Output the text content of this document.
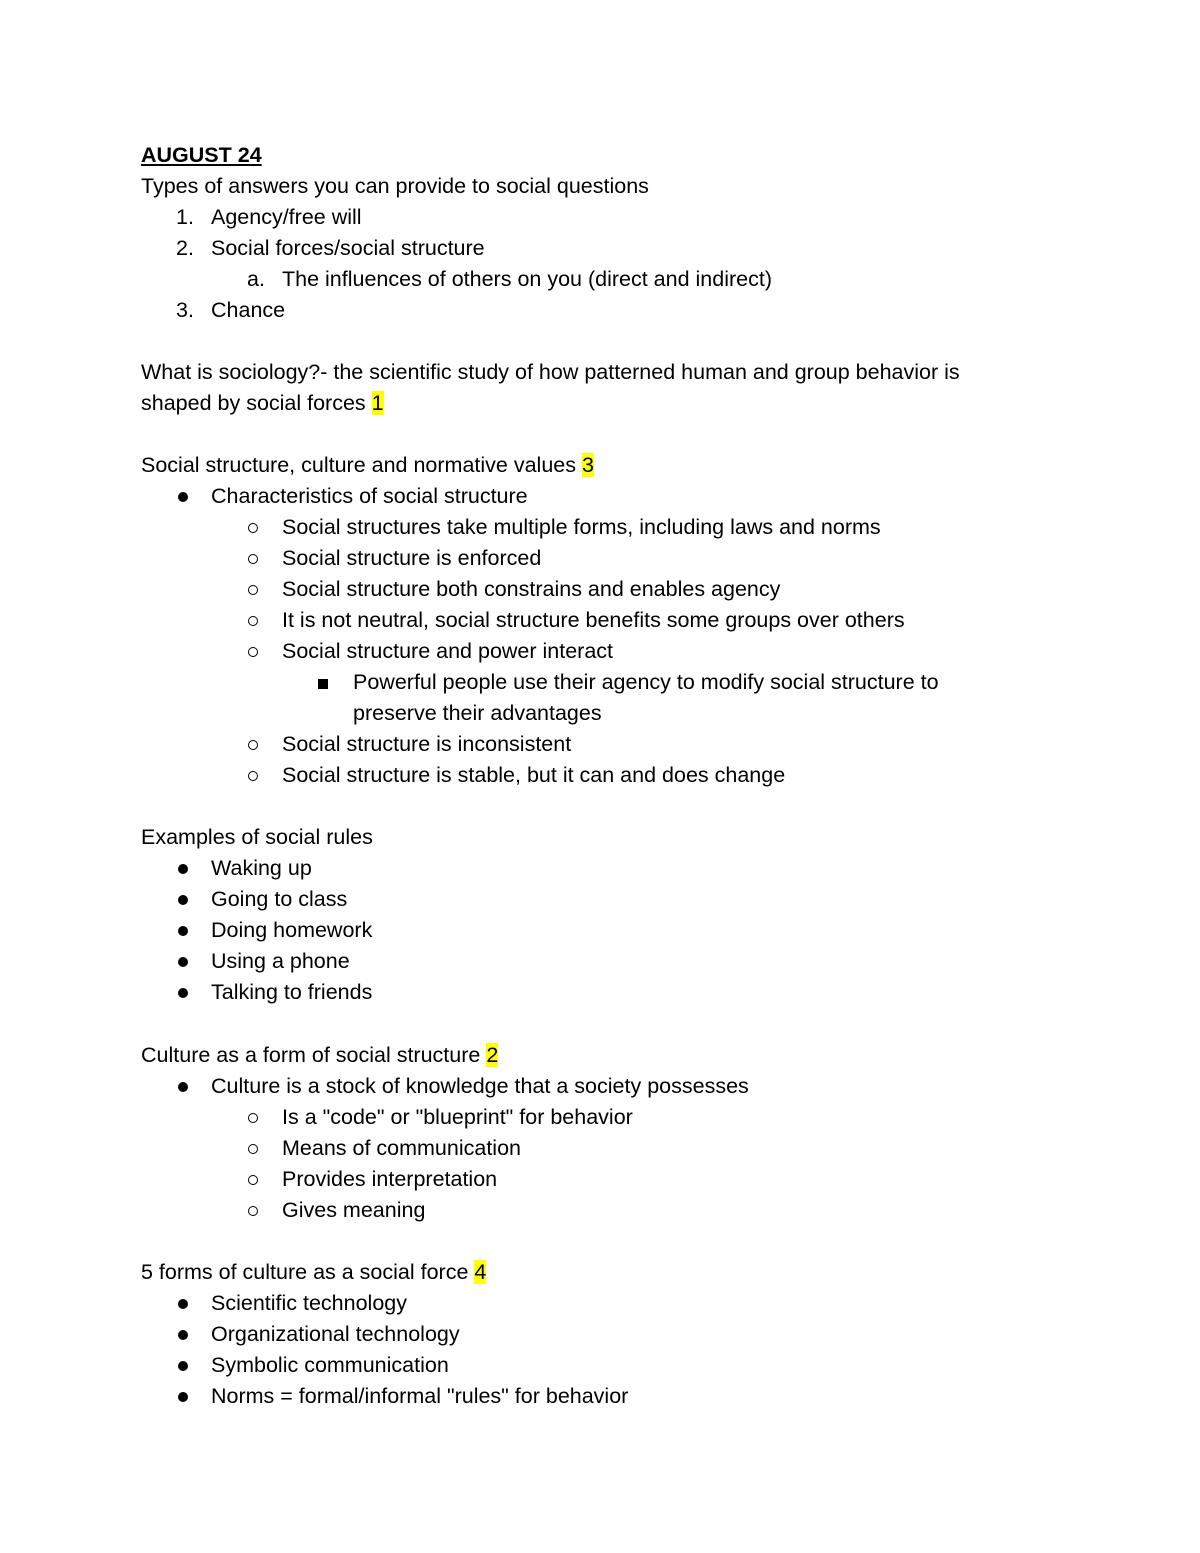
AUGUST 24
Types of answers you can provide to social questions
1. Agency/free will
2. Social forces/social structure
a. The influences of others on you (direct and indirect)
3. Chance
What is sociology?- the scientific study of how patterned human and group behavior is
shaped by social forces 1
Social structure, culture and normative values 3
Characteristics of social structure
Social structures take multiple forms, including laws and norms
Social structure is enforced
Social structure both constrains and enables agency
It is not neutral, social structure benefits some groups over others
Social structure and power interact
Powerful people use their agency to modify social structure to
preserve their advantages
Social structure is inconsistent
Social structure is stable, but it can and does change
Examples of social rules
Waking up
Going to class
Doing homework
Using a phone
Talking to friends
Culture as a form of social structure 2
Culture is a stock of knowledge that a society possesses
Is a "code" or "blueprint" for behavior
Means of communication
Provides interpretation
Gives meaning
5 forms of culture as a social force 4
Scientific technology
Organizational technology
Symbolic communication
Norms = formal/informal "rules" for behavior
